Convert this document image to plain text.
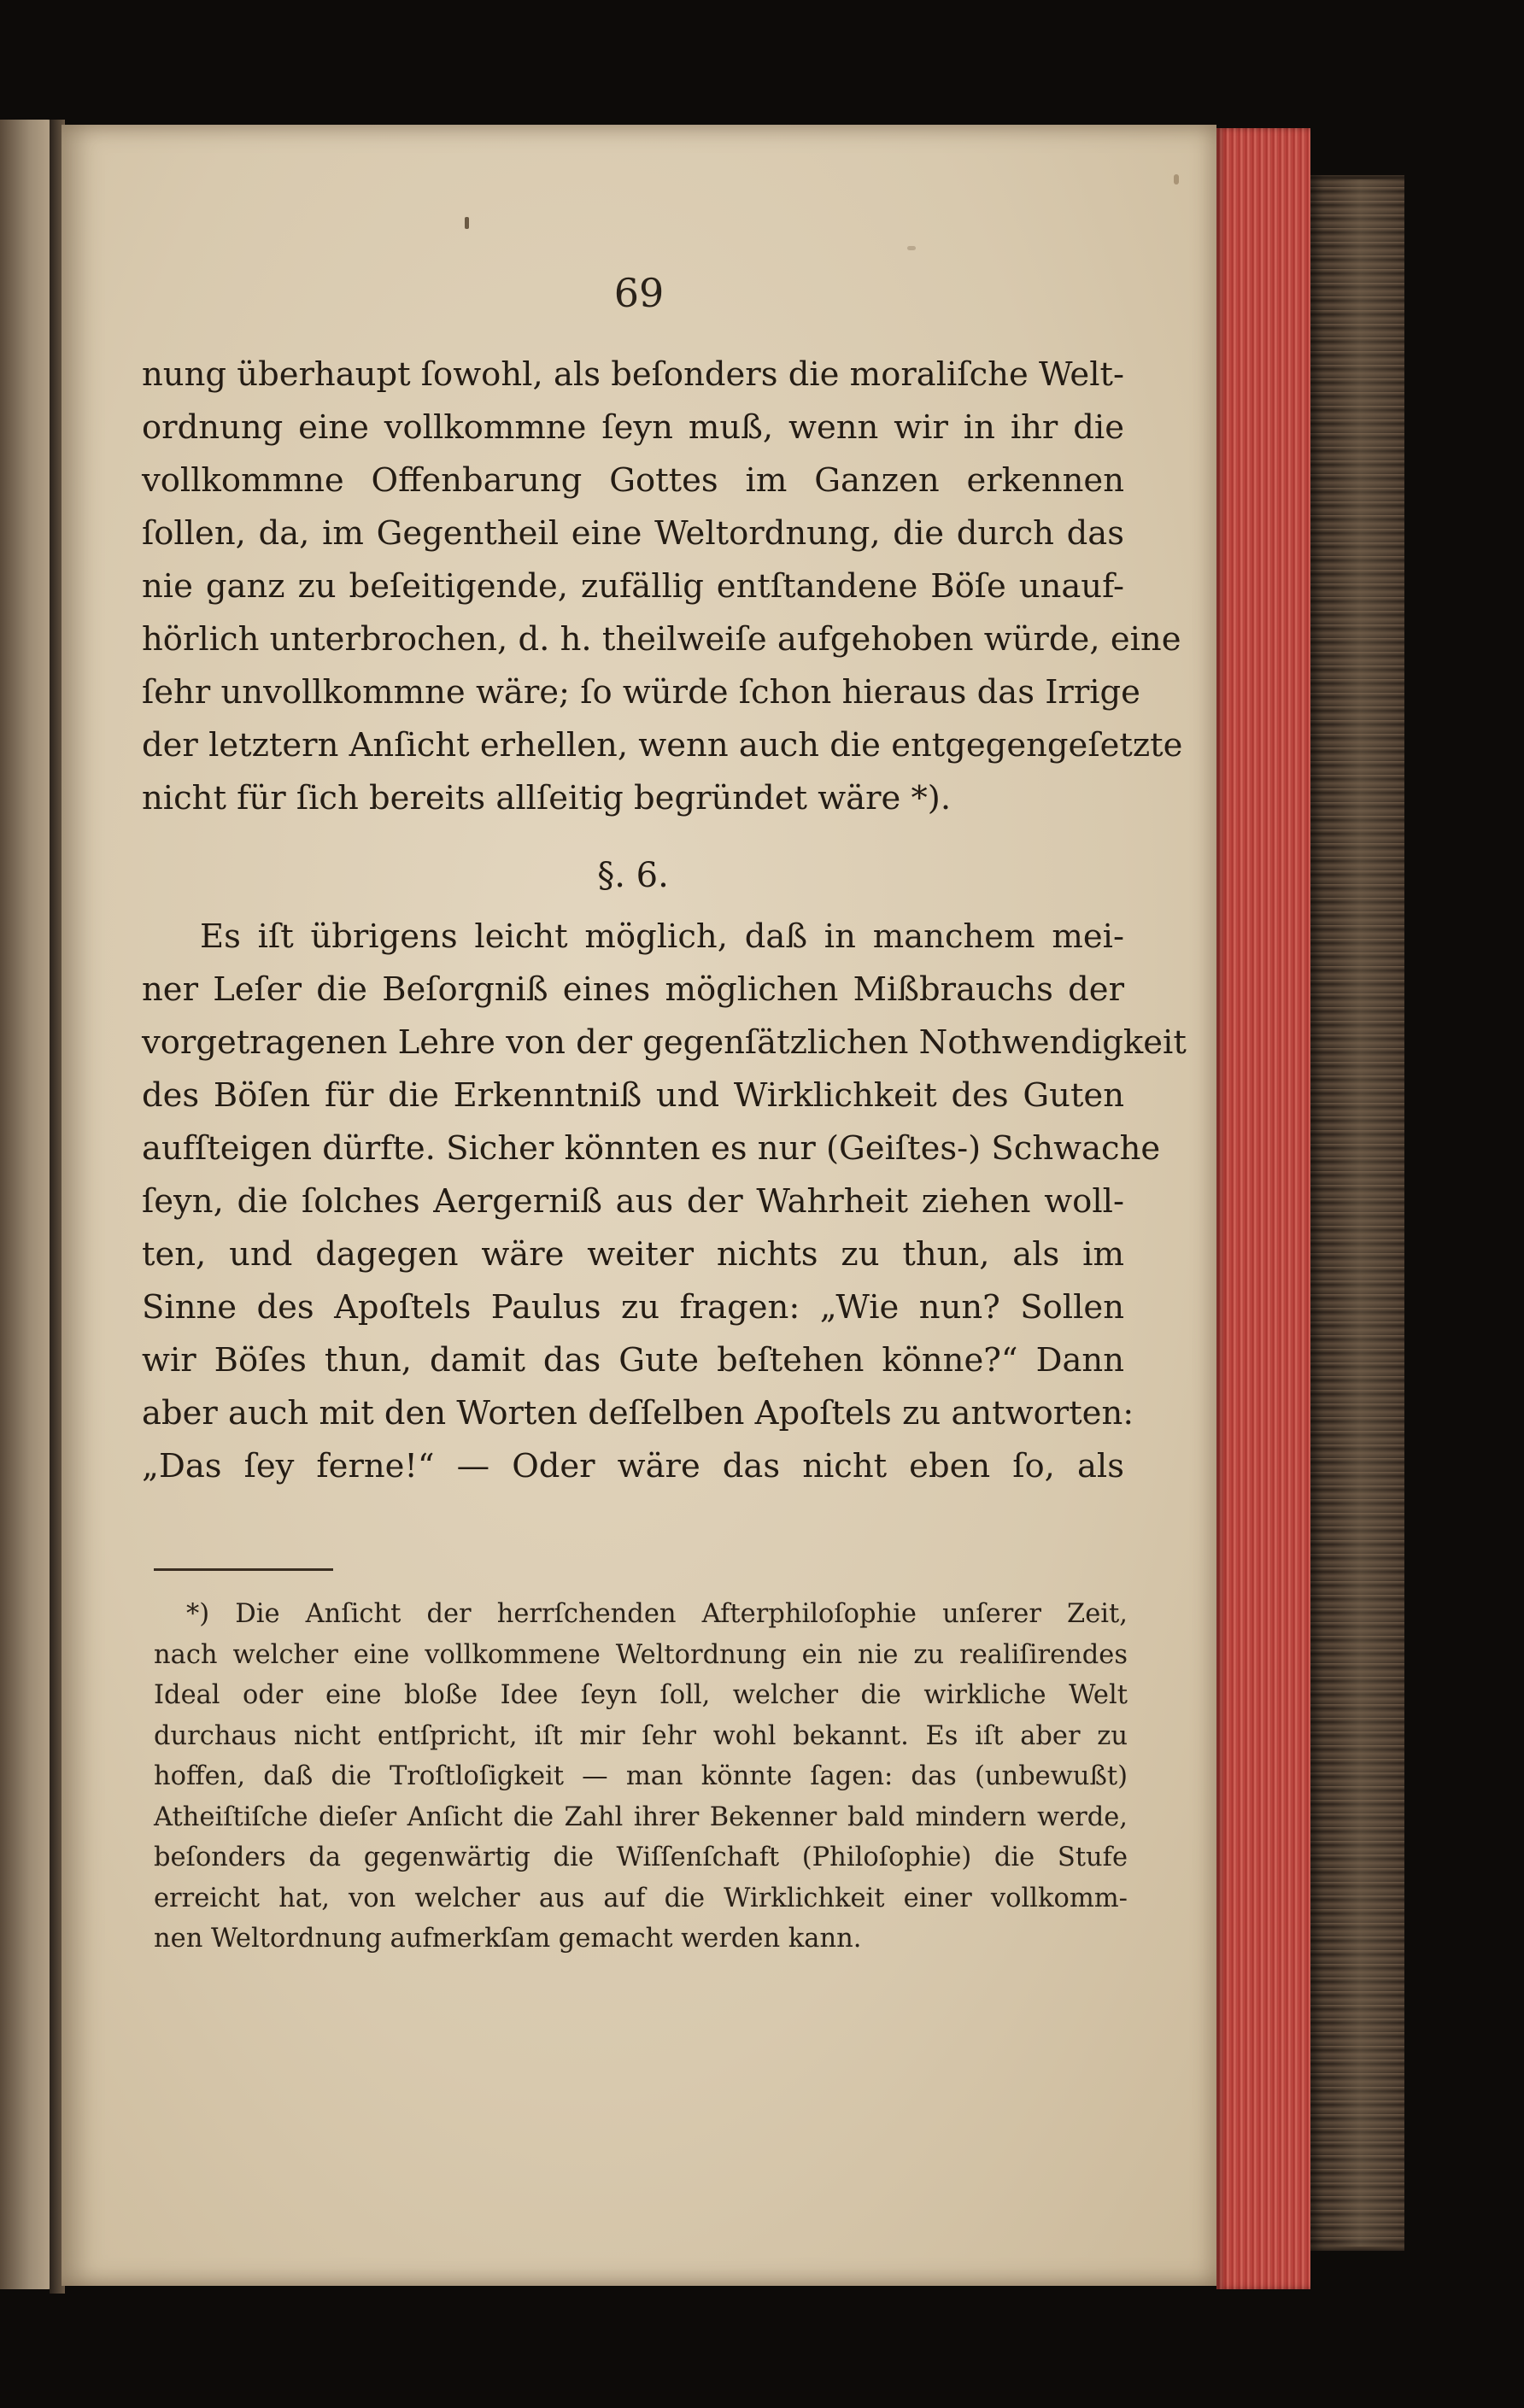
69
nung überhaupt ſowohl, als beſonders die moraliſche Welt-
ordnung eine vollkommne ſeyn muß, wenn wir in ihr die
vollkommne Offenbarung Gottes im Ganzen erkennen
ſollen, da, im Gegentheil eine Weltordnung, die durch das
nie ganz zu beſeitigende, zufällig entſtandene Böſe unauf-
hörlich unterbrochen, d. h. theilweiſe aufgehoben würde, eine
ſehr unvollkommne wäre; ſo würde ſchon hieraus das Irrige
der letztern Anſicht erhellen, wenn auch die entgegengeſetzte
nicht für ſich bereits allſeitig begründet wäre *).
§. 6.
Es iſt übrigens leicht möglich, daß in manchem mei-
ner Leſer die Beſorgniß eines möglichen Mißbrauchs der
vorgetragenen Lehre von der gegenſätzlichen Nothwendigkeit
des Böſen für die Erkenntniß und Wirklichkeit des Guten
aufſteigen dürfte. Sicher könnten es nur (Geiſtes-) Schwache
ſeyn, die ſolches Aergerniß aus der Wahrheit ziehen woll-
ten, und dagegen wäre weiter nichts zu thun, als im
Sinne des Apoſtels Paulus zu fragen: „Wie nun? Sollen
wir Böſes thun, damit das Gute beſtehen könne?“ Dann
aber auch mit den Worten deſſelben Apoſtels zu antworten:
„Das ſey ferne!“ — Oder wäre das nicht eben ſo, als
*) Die Anſicht der herrſchenden Afterphiloſophie unſerer Zeit,
nach welcher eine vollkommene Weltordnung ein nie zu realiſirendes
Ideal oder eine bloße Idee ſeyn ſoll, welcher die wirkliche Welt
durchaus nicht entſpricht, iſt mir ſehr wohl bekannt. Es iſt aber zu
hoffen, daß die Troſtloſigkeit — man könnte ſagen: das (unbewußt)
Atheiſtiſche dieſer Anſicht die Zahl ihrer Bekenner bald mindern werde,
beſonders da gegenwärtig die Wiſſenſchaft (Philoſophie) die Stufe
erreicht hat, von welcher aus auf die Wirklichkeit einer vollkomm-
nen Weltordnung aufmerkſam gemacht werden kann.
